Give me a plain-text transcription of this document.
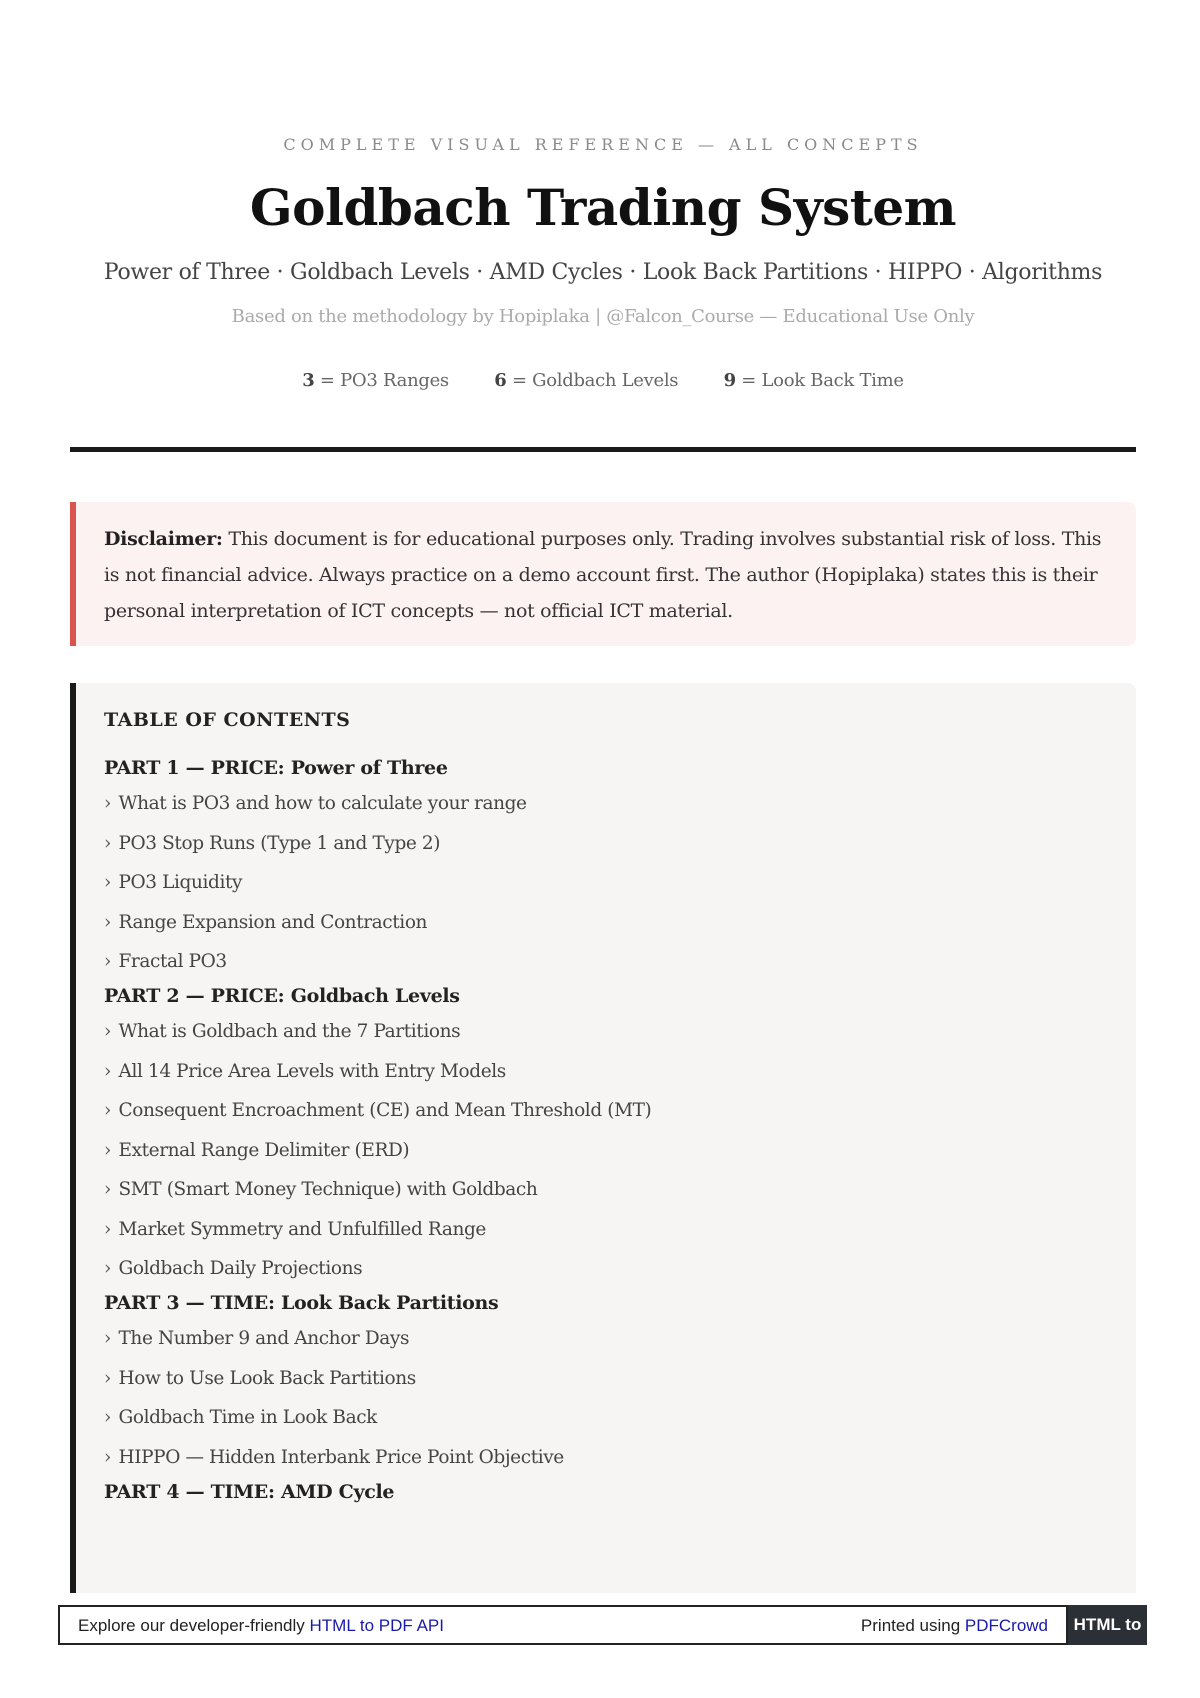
COMPLETE VISUAL REFERENCE — ALL CONCEPTS
Goldbach Trading System
Power of Three · Goldbach Levels · AMD Cycles · Look Back Partitions · HIPPO · Algorithms
Based on the methodology by Hopiplaka | @Falcon_Course — Educational Use Only
3 = PO3 Ranges	6 = Goldbach Levels	9 = Look Back Time
Disclaimer: This document is for educational purposes only. Trading involves substantial risk of loss. This is not financial advice. Always practice on a demo account first. The author (Hopiplaka) states this is their personal interpretation of ICT concepts — not official ICT material.
TABLE OF CONTENTS
PART 1 — PRICE: Power of Three
› What is PO3 and how to calculate your range
› PO3 Stop Runs (Type 1 and Type 2)
› PO3 Liquidity
› Range Expansion and Contraction
› Fractal PO3
PART 2 — PRICE: Goldbach Levels
› What is Goldbach and the 7 Partitions
› All 14 Price Area Levels with Entry Models
› Consequent Encroachment (CE) and Mean Threshold (MT)
› External Range Delimiter (ERD)
› SMT (Smart Money Technique) with Goldbach
› Market Symmetry and Unfulfilled Range
› Goldbach Daily Projections
PART 3 — TIME: Look Back Partitions
› The Number 9 and Anchor Days
› How to Use Look Back Partitions
› Goldbach Time in Look Back
› HIPPO — Hidden Interbank Price Point Objective
PART 4 — TIME: AMD Cycle
Explore our developer-friendly HTML to PDF API	Printed using PDFCrowd	HTML to PDF
